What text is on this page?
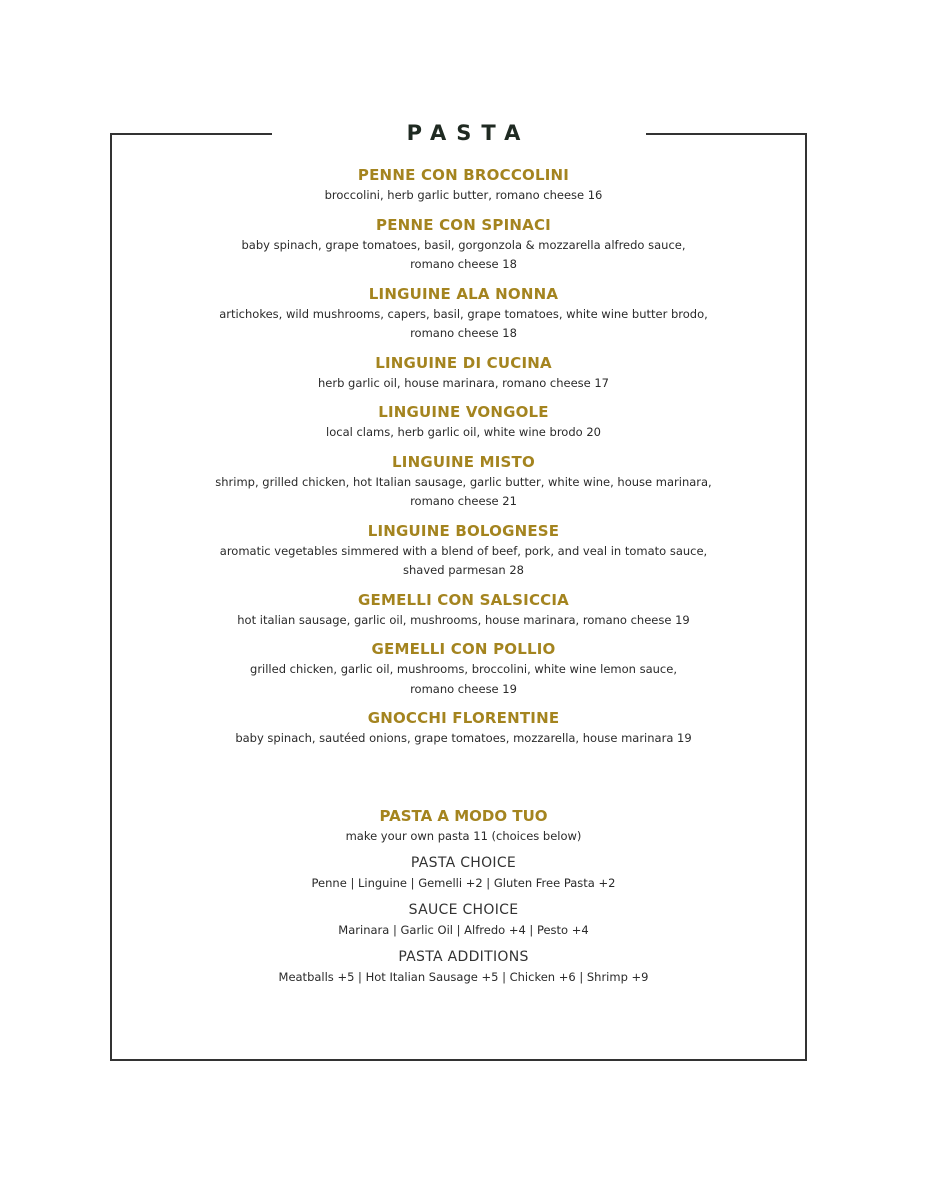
PASTA
PENNE CON BROCCOLINI
broccolini, herb garlic butter, romano cheese 16
PENNE CON SPINACI
baby spinach, grape tomatoes, basil, gorgonzola & mozzarella alfredo sauce,
romano cheese 18
LINGUINE ALA NONNA
artichokes, wild mushrooms, capers, basil, grape tomatoes, white wine butter brodo,
romano cheese 18
LINGUINE DI CUCINA
herb garlic oil, house marinara, romano cheese 17
LINGUINE VONGOLE
local clams, herb garlic oil, white wine brodo 20
LINGUINE MISTO
shrimp, grilled chicken, hot Italian sausage, garlic butter, white wine, house marinara,
romano cheese 21
LINGUINE BOLOGNESE
aromatic vegetables simmered with a blend of beef, pork, and veal in tomato sauce,
shaved parmesan 28
GEMELLI CON SALSICCIA
hot italian sausage, garlic oil, mushrooms, house marinara, romano cheese 19
GEMELLI CON POLLIO
grilled chicken, garlic oil, mushrooms, broccolini, white wine lemon sauce,
romano cheese 19
GNOCCHI FLORENTINE
baby spinach, sautéed onions, grape tomatoes, mozzarella, house marinara 19
PASTA A MODO TUO
make your own pasta 11 (choices below)
PASTA CHOICE
Penne | Linguine | Gemelli +2 | Gluten Free Pasta +2
SAUCE CHOICE
Marinara | Garlic Oil | Alfredo +4 | Pesto +4
PASTA ADDITIONS
Meatballs +5 | Hot Italian Sausage +5 | Chicken +6 | Shrimp +9
